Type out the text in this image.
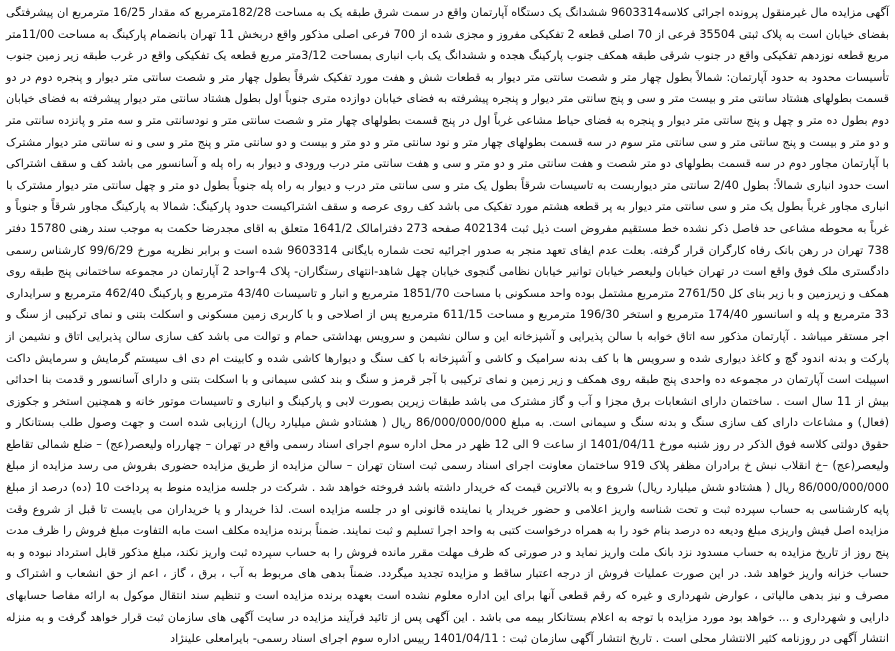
آگهی مزایده مال غیرمنقول پرونده اجرائی کلاسه9603314 ششدانگ یک دستگاه آپارتمان واقع در سمت شرق طبقه یک به مساحت 182/28مترمربع که مقدار 16/25 مترمربع ان پیشرفتگی بفضای خیابان است به پلاک ثبتی 35504 فرعی از 70 اصلی قطعه 2 تفکیکی مفروز و مجزی شده از 700 فرعی اصلی مذکور واقع دربخش 11 تهران بانضمام پارکینگ به مساحت 11/00متر مربع قطعه نوزدهم تفکیکی واقع در جنوب شرقی طبقه همکف جنوب پارکینگ هجده و ششدانگ یک باب انباری بمساحت 3/12متر مربع قطعه یک تفکیکی واقع در غرب طبقه زیر زمین جنوب تأسیسات محدود به حدود آپارتمان: شمالاً بطول چهار متر و شصت سانتی متر دیوار به قطعات شش و هفت مورد تفکیک شرقاً بطول چهار متر و شصت سانتی متر دیوار و پنجره دوم در دو قسمت بطولهای هشتاد سانتی متر و بیست متر و سی و پنج سانتی متر دیوار و پنجره پیشرفته به فضای خیابان دوازده متری جنوباً اول بطول هشتاد سانتی متر دیوار پیشرفته به فضای خیابان دوم بطول ده متر و چهل و پنج سانتی متر دیوار و پنجره به فضای حیاط مشاعی غرباً اول در پنج قسمت بطولهای چهار متر و شصت سانتی متر و نودسانتی متر و سه متر و پانزده سانتی متر و دو متر و بیست و پنج سانتی متر و سی سانتی متر سوم در سه قسمت بطولهای چهار متر و نود سانتی متر و دو متر و بیست و دو سانتی متر و پنج متر و سی و نه سانتی متر دیوار مشترک با آپارتمان مجاور دوم در سه قسمت بطولهای دو متر شصت و هفت سانتی متر و دو متر و سی و هفت سانتی متر درب ورودی و دیوار به راه پله و آسانسور می باشد کف و سقف اشتراکی است حدود انباری شمالاً: بطول 2/40 سانتی متر دیواربست به تاسیسات شرقاً بطول یک متر و سی سانتی متر درب و دیوار به راه پله جنوباً بطول دو متر و چهل سانتی متر دیوار مشترک با انباری مجاور غرباً بطول یک متر و سی سانتی متر دیوار به پر قطعه هشتم مورد تفکیک می باشد کف روی عرصه و سقف اشتراکیست حدود پارکینگ: شمالا به پارکینگ مجاور شرقاً و جنوباً و غرباً به محوطه مشاعی حد فاصل ذکر نشده خط مستقیم مفروض است ذیل ثبت 402134 صفحه 273 دفترامالک 1641/2 متعلق به اقای مجدرضا حکمت به موجب سند رهنی 15780 دفتر 738 تهران در رهن بانک رفاه کارگران قرار گرفته. بعلت عدم ایفای تعهد منجر به صدور اجرائیه تحت شماره بایگانی 9603314 شده است و برابر نظریه مورخ 99/6/29 کارشناس رسمی دادگستری ملک فوق واقع است در تهران خیابان ولیعصر خیابان توانیر خیابان نظامی گنجوی خیابان چهل شاهد-انتهای رستگاران- پلاک 4-واحد 2 آپارتمان در مجموعه ساختمانی پنج طبقه روی همکف و زیرزمین و با زیر بنای کل 2761/50 مترمربع مشتمل بوده واحد مسکونی با مساحت 1851/70 مترمربع و انبار و تاسیسات 43/40 مترمربع و پارکینگ 462/40 مترمربع و سرایداری 33 مترمربع و پله و اسانسور 174/40 مترمربع و استخر 196/30 مترمربع و مساحت 611/15 مترمربع پس از اصلاحی و با کاربری زمین مسکونی و اسکلت بتنی و نمای ترکیبی از سنگ و اجر مستقر میباشد . آپارتمان مذکور سه اتاق خوابه با سالن پذیرایی و آشپزخانه این و سالن نشیمن و سرویس بهداشتی حمام و توالت می باشد کف سازی سالن پذیرایی اتاق و نشیمن از پارکت و بدنه اندود گچ و کاغذ دیواری شده و سرویس ها با کف بدنه سرامیک و کاشی و آشپزخانه با کف سنگ و دیوارها کاشی شده و کابینت ام دی اف سیستم گرمایش و سرمایش داکت اسپیلت است آپارتمان در مجموعه ده واحدی پنج طبقه روی همکف و زیر زمین و نمای ترکیبی با آجر قرمز و سنگ و بند کشی سیمانی و با اسکلت بتنی و دارای آسانسور و قدمت بنا احداثی بیش از 11 سال است . ساختمان دارای انشعابات برق مجزا و آب و گاز مشترک می باشد طبقات زیرین بصورت لابی و پارکینگ و انباری و تاسیسات موتور خانه و همچنین استخر و جکوزی (فعال) و مشاعات دارای کف سازی سنگ و بدنه سنگ و سیمانی است. به مبلغ 86/000/000/000 ریال ( هشتادو شش میلیارد ریال) ارزیابی شده است و جهت وصول طلب بستانکار و حقوق دولتی کلاسه فوق الذکر در روز شنبه مورخ 1401/04/11 از ساعت 9 الی 12 ظهر در محل اداره سوم اجرای اسناد رسمی واقع در تهران – چهارراه ولیعصر(عج) – ضلع شمالی تقاطع ولیعصر(عج) –خ انقلاب نبش خ برادران مظفر پلاک 919 ساختمان معاونت اجرای اسناد رسمی ثبت استان تهران – سالن مزایده از طریق مزایده حضوری بفروش می رسد مزایده از مبلغ 86/000/000/000 ریال ( هشتادو شش میلیارد ریال) شروع و به بالاترین قیمت که خریدار داشته باشد فروخته خواهد شد . شرکت در جلسه مزایده منوط به پرداخت 10 (ده) درصد از مبلغ پایه کارشناسی به حساب سپرده ثبت و تحت شناسه واریز اعلامی و حضور خریدار یا نماینده قانونی او در جلسه مزایده است. لذا خریدار و یا خریداران می بایست تا قبل از شروع وقت مزایده اصل فیش واریزی مبلغ ودیعه ده درصد بنام خود را به همراه درخواست کتبی به واحد اجرا تسلیم و ثبت نمایند. ضمناً برنده مزایده مکلف است مابه التفاوت مبلغ فروش را ظرف مدت پنج روز از تاریخ مزایده به حساب مسدود نزد بانک ملت واریز نماید و در صورتی که ظرف مهلت مقرر مانده فروش را به حساب سپرده ثبت واریز نکند، مبلغ مذکور قابل استرداد نبوده و به حساب خزانه واریز خواهد شد. در این صورت عملیات فروش از درجه اعتبار ساقط و مزایده تجدید میگردد. ضمناً بدهی های مربوط به آب ، برق ، گاز ، اعم از حق انشعاب و اشتراک و مصرف و نیز بدهی مالیاتی ، عوارض شهرداری و غیره که رقم قطعی آنها برای این اداره معلوم نشده است بعهده برنده مزایده است و تنظیم سند انتقال موکول به ارائه مفاصا حسابهای دارایی و شهرداری و ... خواهد بود مورد مزایده با توجه به اعلام بستانکار بیمه می باشد . این آگهی پس از تائید فرآیند مزایده در سایت آگهی های سازمان ثبت قرار خواهد گرفت و به منزله انتشار آگهی در روزنامه کثیر الانتشار محلی است . تاریخ انتشار آگهی سازمان ثبت : 1401/04/11 رییس اداره سوم اجرای اسناد رسمی- بایرامعلی علینژاد
